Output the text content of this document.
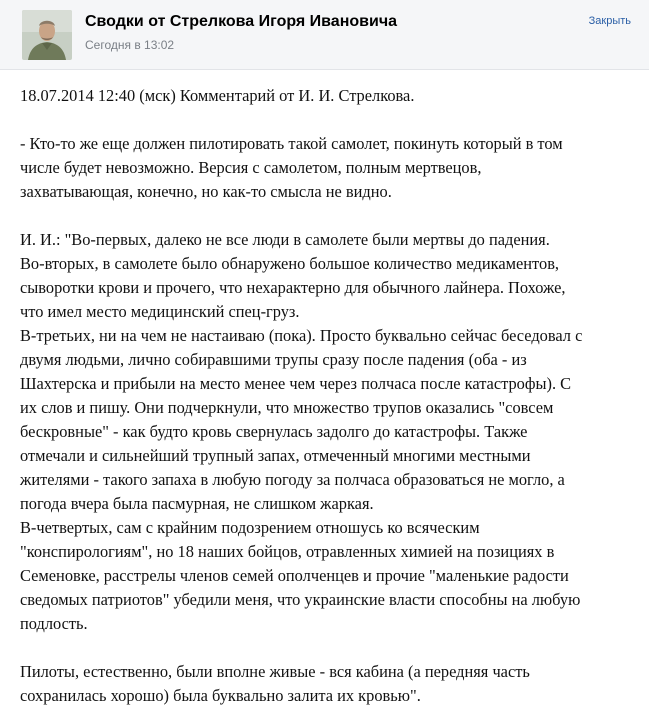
Сводки от Стрелкова Игоря Ивановича
Сегодня в 13:02
Закрыть

18.07.2014 12:40 (мск) Комментарий от И. И. Стрелкова.

- Кто-то же еще должен пилотировать такой самолет, покинуть который в том
числе будет невозможно. Версия с самолетом, полным мертвецов,
захватывающая, конечно, но как-то смысла не видно.

И. И.: "Во-первых, далеко не все люди в самолете были мертвы до падения.
Во-вторых, в самолете было обнаружено большое количество медикаментов,
сыворотки крови и прочего, что нехарактерно для обычного лайнера. Похоже,
что имел место медицинский спец-груз.
В-третьих, ни на чем не настаиваю (пока). Просто буквально сейчас беседовал с
двумя людьми, лично собиравшими трупы сразу после падения (оба - из
Шахтерска и прибыли на место менее чем через полчаса после катастрофы). С
их слов и пишу. Они подчеркнули, что множество трупов оказались "совсем
бескровные" - как будто кровь свернулась задолго до катастрофы. Также
отмечали и сильнейший трупный запах, отмеченный многими местными
жителями - такого запаха в любую погоду за полчаса образоваться не могло, а
погода вчера была пасмурная, не слишком жаркая.
В-четвертых, сам с крайним подозрением отношусь ко всяческим
"конспирологиям", но 18 наших бойцов, отравленных химией на позициях в
Семеновке, расстрелы членов семей ополченцев и прочие "маленькие радости
сведомых патриотов" убедили меня, что украинские власти способны на любую
подлость.

Пилоты, естественно, были вполне живые - вся кабина (а передняя часть
сохранилась хорошо) была буквально залита их кровью".
